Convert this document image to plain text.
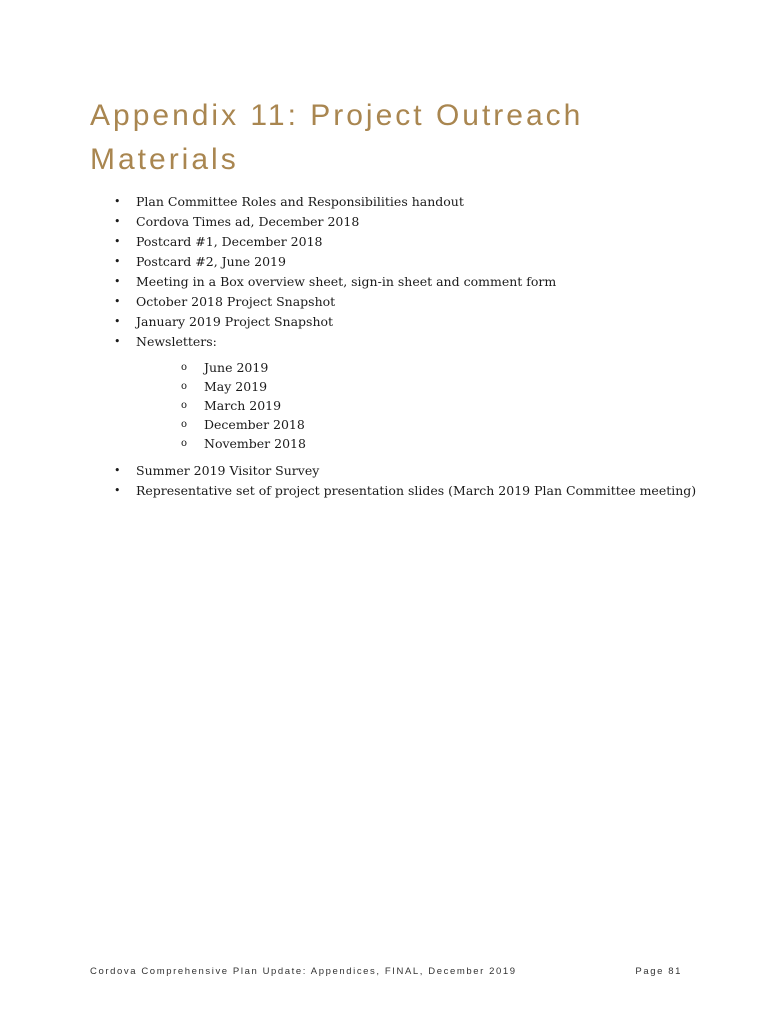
Appendix 11: Project Outreach Materials
• Plan Committee Roles and Responsibilities handout
• Cordova Times ad, December 2018
• Postcard #1, December 2018
• Postcard #2, June 2019
• Meeting in a Box overview sheet, sign-in sheet and comment form
• October 2018 Project Snapshot
• January 2019 Project Snapshot
• Newsletters:
o June 2019
o May 2019
o March 2019
o December 2018
o November 2018
• Summer 2019 Visitor Survey
• Representative set of project presentation slides (March 2019 Plan Committee meeting)
Cordova Comprehensive Plan Update: Appendices, FINAL, December 2019	Page 81
